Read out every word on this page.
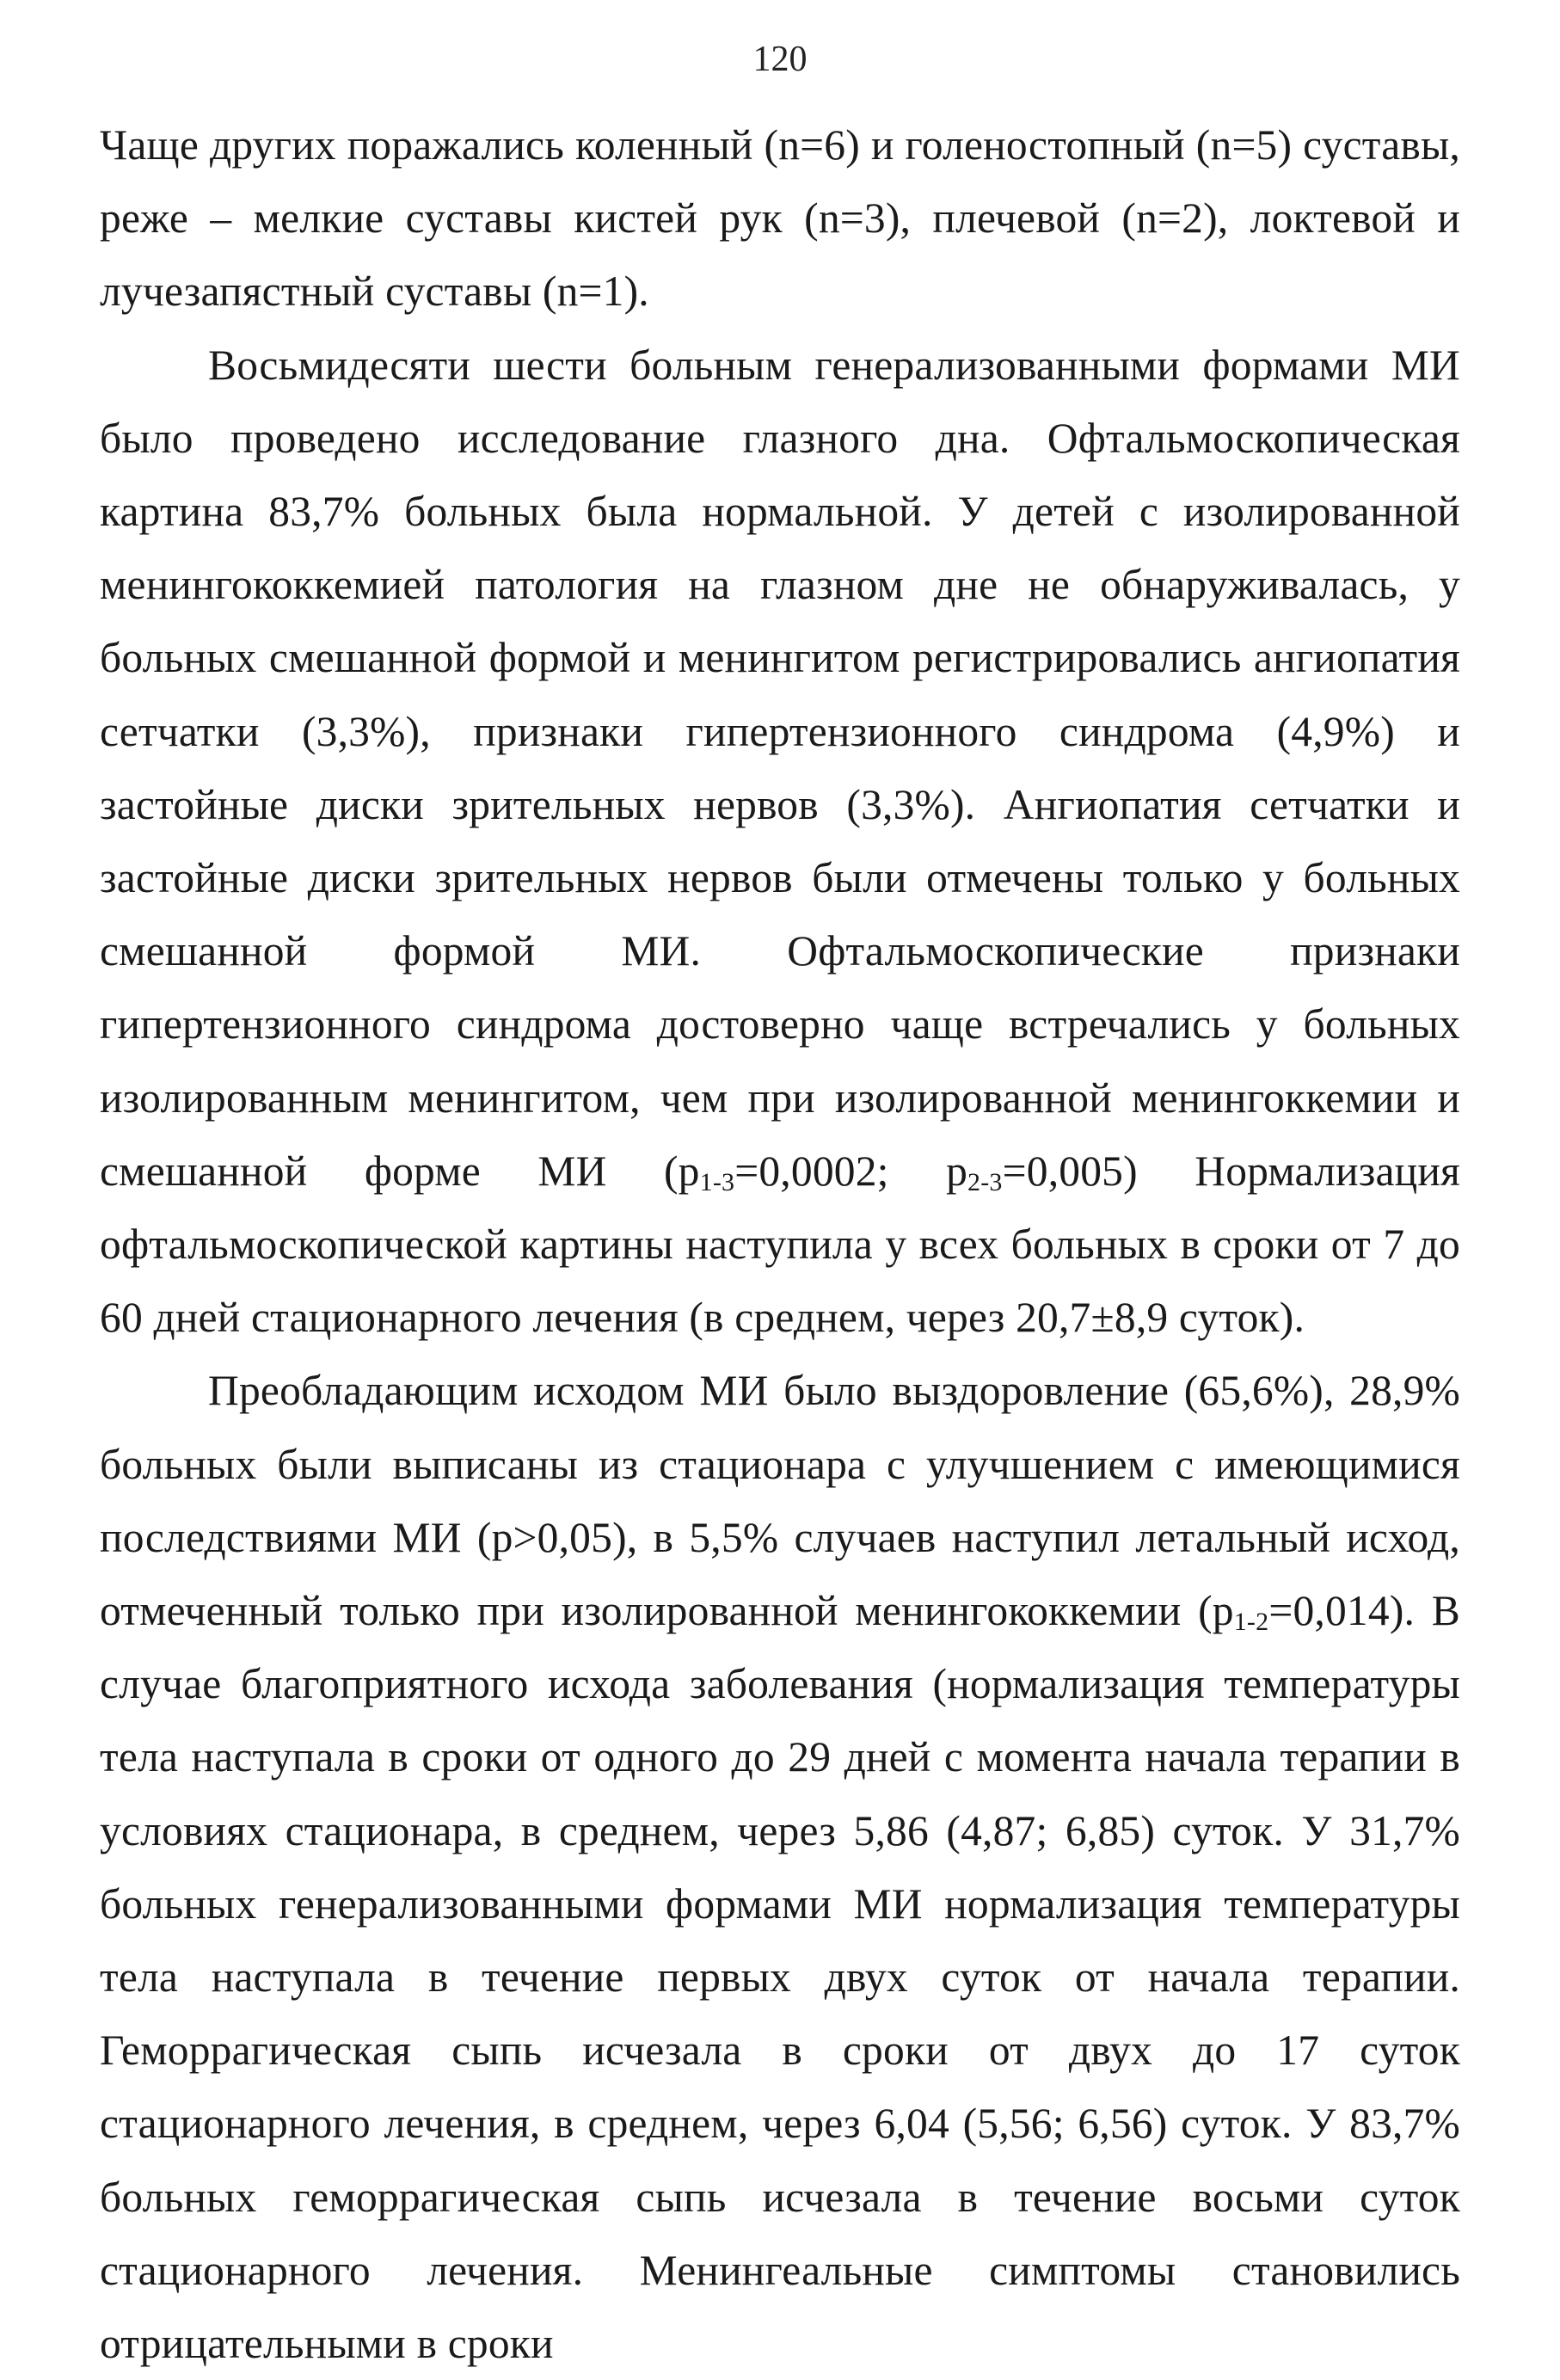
120

Чаще других поражались коленный (n=6) и голеностопный (n=5) суставы, реже – мелкие суставы кистей рук (n=3), плечевой (n=2), локтевой и лучезапястный суставы (n=1).

Восьмидесяти шести больным генерализованными формами МИ было проведено исследование глазного дна. Офтальмоскопическая картина 83,7% больных была нормальной. У детей с изолированной менингококкемией патология на глазном дне не обнаруживалась, у больных смешанной формой и менингитом регистрировались ангиопатия сетчатки (3,3%), признаки гипертензионного синдрома (4,9%) и застойные диски зрительных нервов (3,3%). Ангиопатия сетчатки и застойные диски зрительных нервов были отмечены только у больных смешанной формой МИ. Офтальмоскопические признаки гипертензионного синдрома достоверно чаще встречались у больных изолированным менингитом, чем при изолированной менингоккемии и смешанной форме МИ ($p_{1-3}=0,0002$; $p_{2-3}=0,005$) Нормализация офтальмоскопической картины наступила у всех больных в сроки от 7 до 60 дней стационарного лечения (в среднем, через 20,7±8,9 суток).

Преобладающим исходом МИ было выздоровление (65,6%), 28,9% больных были выписаны из стационара с улучшением с имеющимися последствиями МИ (p>0,05), в 5,5% случаев наступил летальный исход, отмеченный только при изолированной менингококкемии $(p_{1-2}=0,014)$. В случае благоприятного исхода заболевания (нормализация температуры тела наступала в сроки от одного до 29 дней с момента начала терапии в условиях стационара, в среднем, через 5,86 (4,87; 6,85) суток. У 31,7% больных генерализованными формами МИ нормализация температуры тела наступала в течение первых двух суток от начала терапии. Геморрагическая сыпь исчезала в сроки от двух до 17 суток стационарного лечения, в среднем, через 6,04 (5,56; 6,56) суток. У 83,7% больных геморрагическая сыпь исчезала в течение восьми суток стационарного лечения. Менингеальные симптомы становились отрицательными в сроки
